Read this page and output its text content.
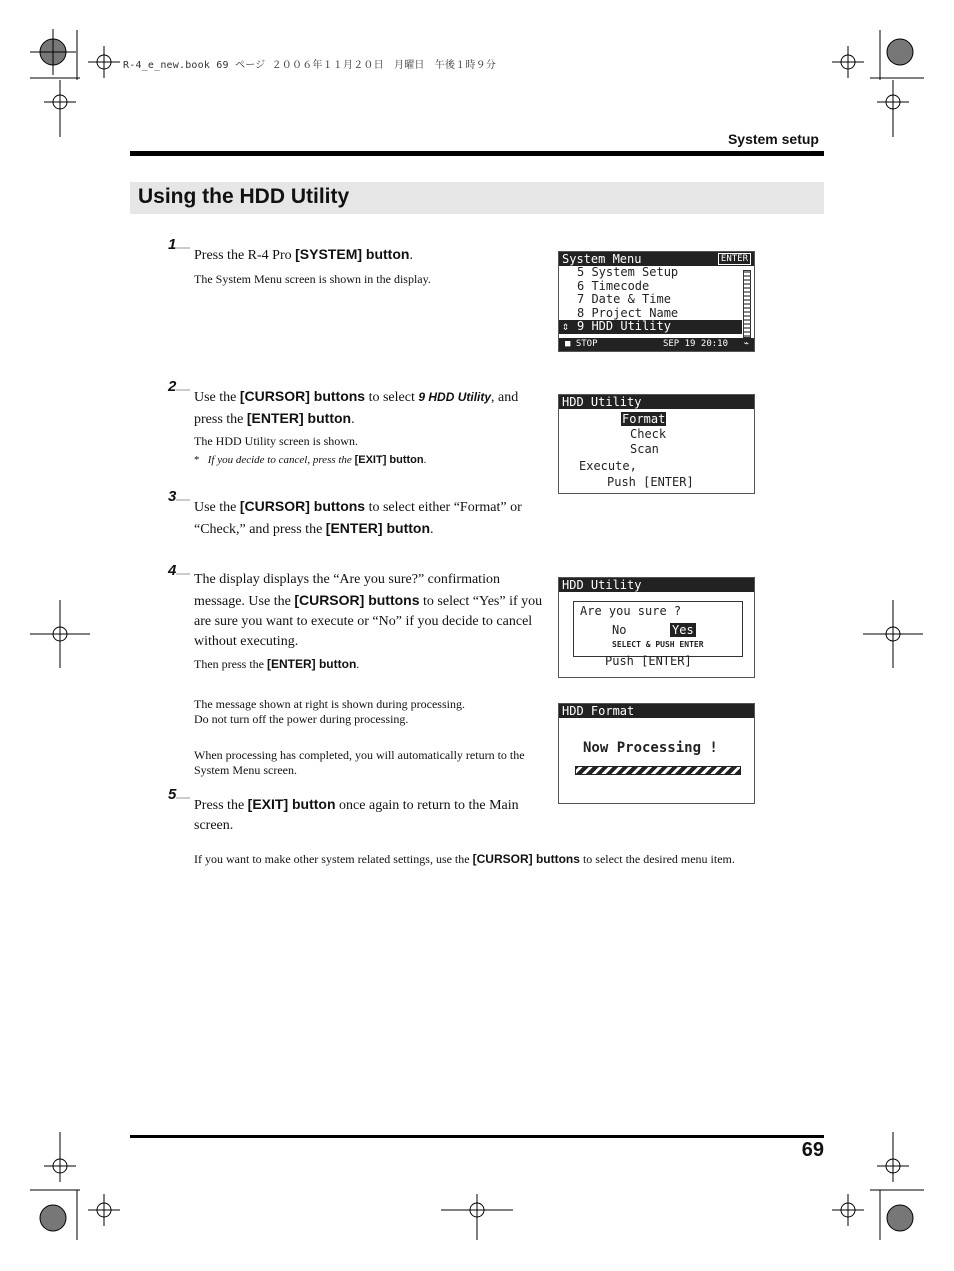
R-4_e_new.book 69 ページ ２００６年１１月２０日　月曜日　午後１時９分
System setup
Using the HDD Utility
1
Press the R-4 Pro [SYSTEM] button.
The System Menu screen is shown in the display.
2
Use the [CURSOR] buttons to select 9 HDD Utility, and press the [ENTER] button.
The HDD Utility screen is shown.
* If you decide to cancel, press the [EXIT] button.
3
Use the [CURSOR] buttons to select either “Format” or “Check,” and press the [ENTER] button.
4
The display displays the “Are you sure?” confirmation message. Use the [CURSOR] buttons to select “Yes” if you are sure you want to execute or “No” if you decide to cancel without executing.
Then press the [ENTER] button.
The message shown at right is shown during processing.
Do not turn off the power during processing.
When processing has completed, you will automatically return to the System Menu screen.
5
Press the [EXIT] button once again to return to the Main screen.
If you want to make other system related settings, use the [CURSOR] buttons to select the desired menu item.
System Menu	ENTER
5 System Setup
6 Timecode
7 Date & Time
8 Project Name
⇕ 9 HDD Utility
■ STOP	SEP 19 20:10 ⌁
HDD Utility
Format
Check
Scan
Execute,
Push [ENTER]
HDD Utility
Are you sure ?
No	Yes
SELECT & PUSH ENTER
Push [ENTER]
HDD Format
Now Processing !
69
